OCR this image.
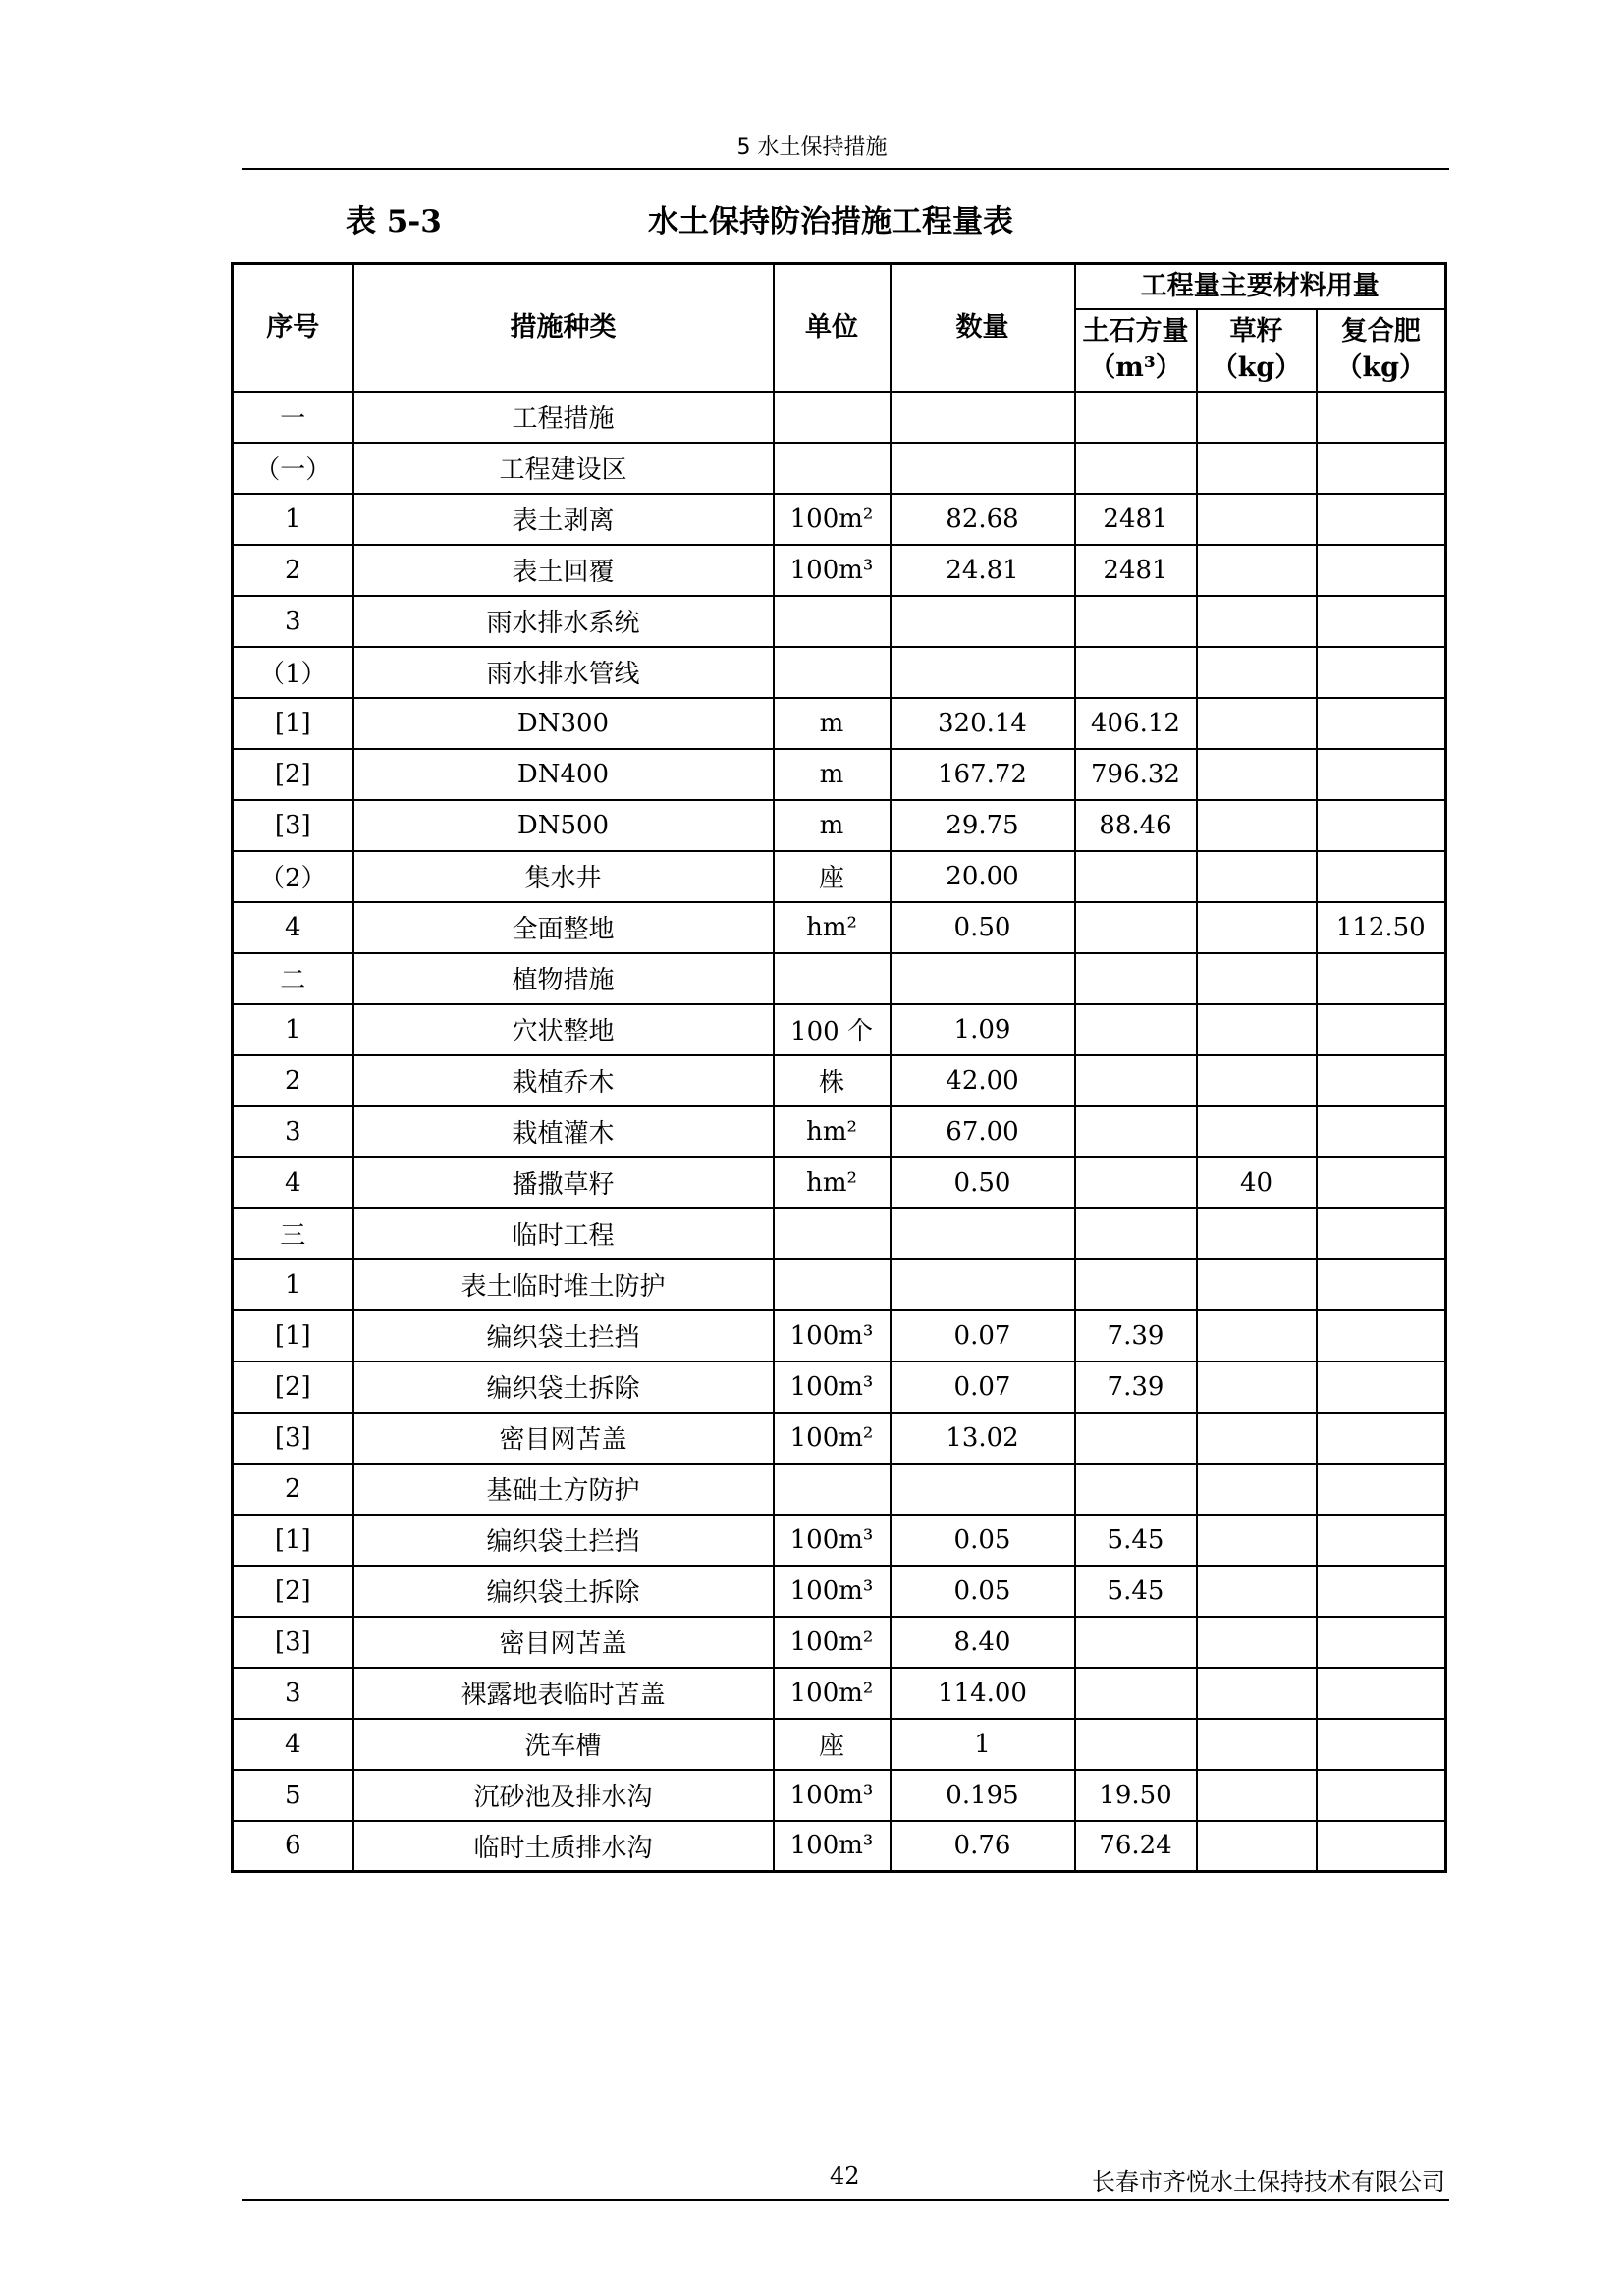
5 水土保持措施
表 5-3	水土保持防治措施工程量表
序号	措施种类	单位	数量	工程量主要材料用量		
				土石方量（m³）	草籽（kg）	复合肥（kg）
一	工程措施					
（一）	工程建设区					
1	表土剥离	100m²	82.68	2481		
2	表土回覆	100m³	24.81	2481		
3	雨水排水系统					
（1）	雨水排水管线					
[1]	DN300	m	320.14	406.12		
[2]	DN400	m	167.72	796.32		
[3]	DN500	m	29.75	88.46		
（2）	集水井	座	20.00			
4	全面整地	hm²	0.50			112.50
二	植物措施					
1	穴状整地	100 个	1.09			
2	栽植乔木	株	42.00			
3	栽植灌木	hm²	67.00			
4	播撒草籽	hm²	0.50		40	
三	临时工程					
1	表土临时堆土防护					
[1]	编织袋土拦挡	100m³	0.07	7.39		
[2]	编织袋土拆除	100m³	0.07	7.39		
[3]	密目网苫盖	100m²	13.02			
2	基础土方防护					
[1]	编织袋土拦挡	100m³	0.05	5.45		
[2]	编织袋土拆除	100m³	0.05	5.45		
[3]	密目网苫盖	100m²	8.40			
3	裸露地表临时苫盖	100m²	114.00			
4	洗车槽	座	1			
5	沉砂池及排水沟	100m³	0.195	19.50		
6	临时土质排水沟	100m³	0.76	76.24		
42	长春市齐悦水土保持技术有限公司
